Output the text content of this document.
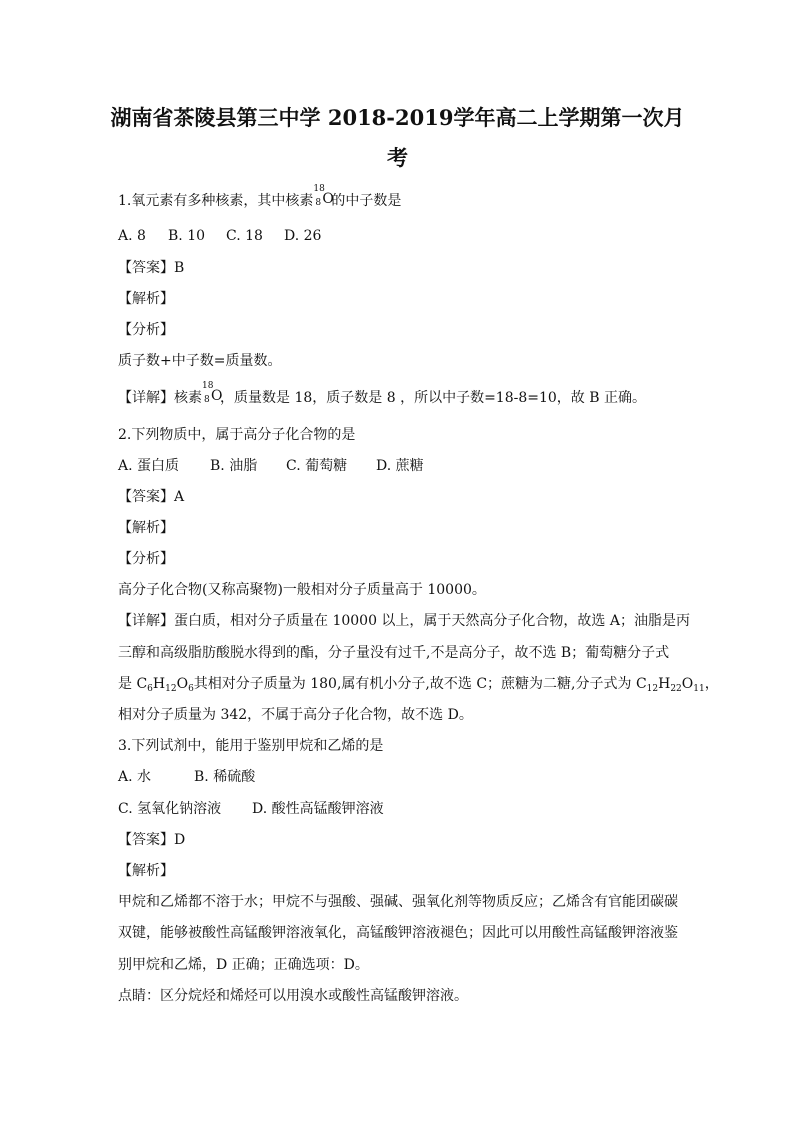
湖南省茶陵县第三中学 2018-2019学年高二上学期第一次月
考
1.氧元素有多种核素，其中核素
18
8 O
的中子数是
A. 8 B. 10 C. 18 D. 26
【答案】B
【解析】
【分析】
质子数+中子数=质量数。
【详解】核素
18
8 O
，质量数是 18，质子数是 8 ，所以中子数=18-8=10，故 B 正确。
2.下列物质中，属于高分子化合物的是
A. 蛋白质 B. 油脂 C. 葡萄糖 D. 蔗糖
【答案】A
【解析】
【分析】
高分子化合物(又称高聚物)一般相对分子质量高于 10000。
【详解】蛋白质，相对分子质量在 10000 以上，属于天然高分子化合物，故选 A；油脂是丙
三醇和高级脂肪酸脱水得到的酯，分子量没有过千,不是高分子，故不选 B；葡萄糖分子式
是 $C_6H_{12}O_6$其相对分子质量为 180,属有机小分子,故不选 C；蔗糖为二糖,分子式为 $C_{12}H_{22}O_{11}$，
相对分子质量为 342，不属于高分子化合物，故不选 D。
3.下列试剂中，能用于鉴别甲烷和乙烯的是
A. 水	B. 稀硫酸
C. 氢氧化钠溶液 D. 酸性高锰酸钾溶液
【答案】D
【解析】
甲烷和乙烯都不溶于水；甲烷不与强酸、强碱、强氧化剂等物质反应；乙烯含有官能团碳碳
双键，能够被酸性高锰酸钾溶液氧化，高锰酸钾溶液褪色；因此可以用酸性高锰酸钾溶液鉴
别甲烷和乙烯，D 正确；正确选项：D。
点睛：区分烷烃和烯烃可以用溴水或酸性高锰酸钾溶液。
